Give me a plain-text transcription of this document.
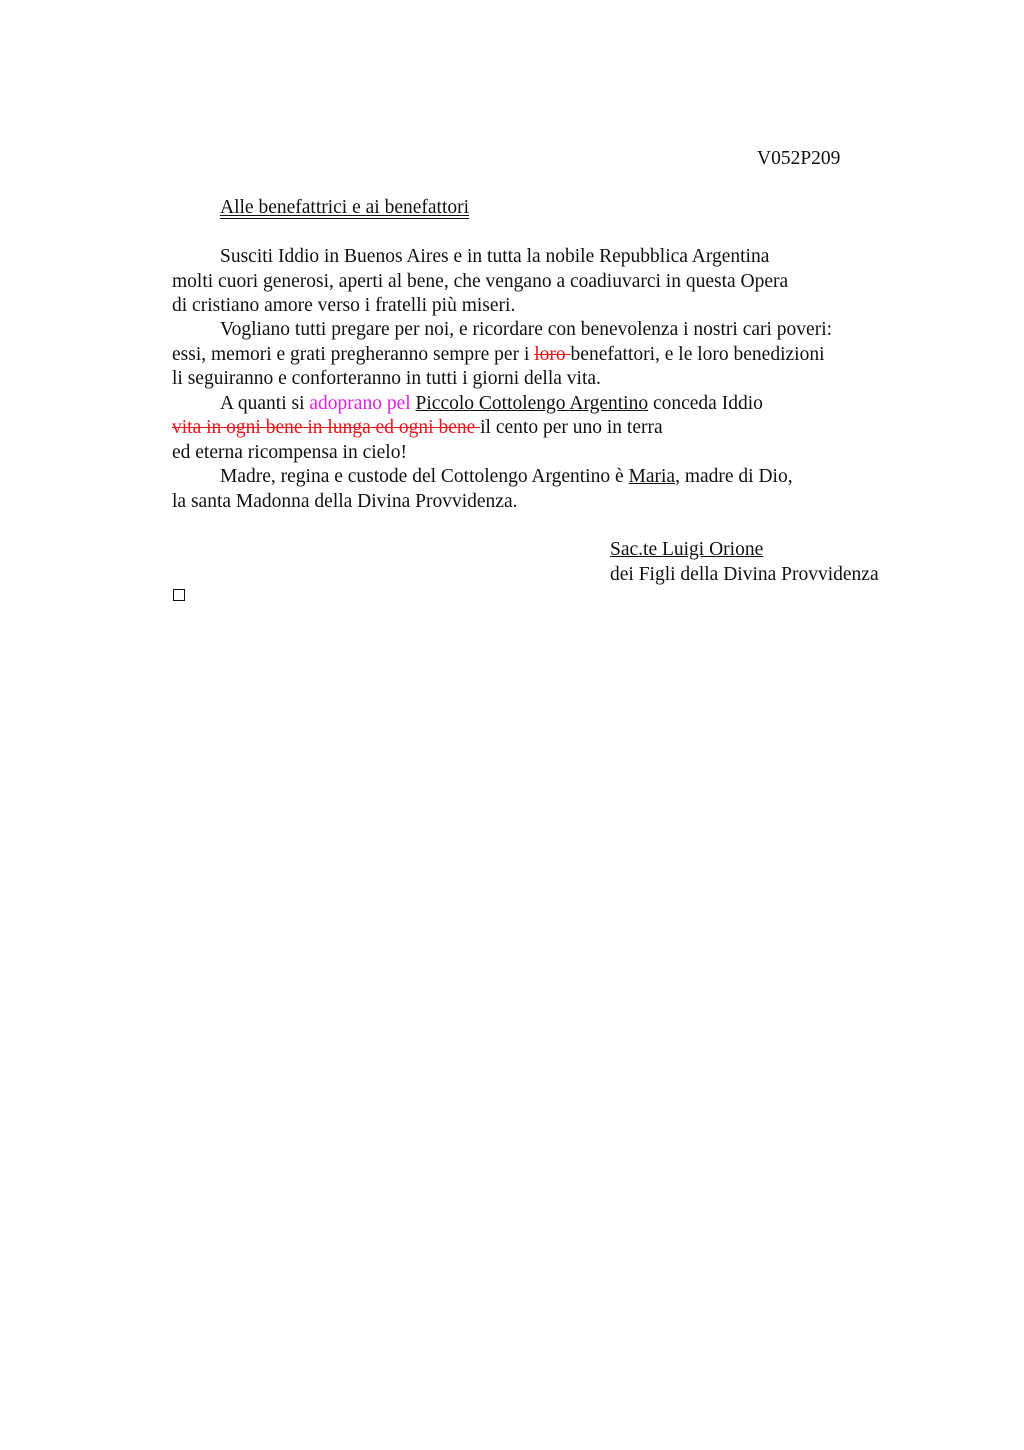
V052P209
Alle benefattrici e ai benefattori
Susciti Iddio in Buenos Aires e in tutta la nobile Repubblica Argentina
molti cuori generosi, aperti al bene, che vengano a coadiuvarci in questa Opera
di cristiano amore verso i fratelli più miseri.
Vogliano tutti pregare per noi, e ricordare con benevolenza i nostri cari poveri:
essi, memori e grati pregheranno sempre per i loro benefattori, e le loro benedizioni
li seguiranno e conforteranno in tutti i giorni della vita.
A quanti si adoprano pel Piccolo Cottolengo Argentino conceda Iddio
vita in ogni bene in lunga ed ogni bene il cento per uno in terra
ed eterna ricompensa in cielo!
Madre, regina e custode del Cottolengo Argentino è Maria, madre di Dio,
la santa Madonna della Divina Provvidenza.
Sac.te Luigi Orione
dei Figli della Divina Provvidenza
